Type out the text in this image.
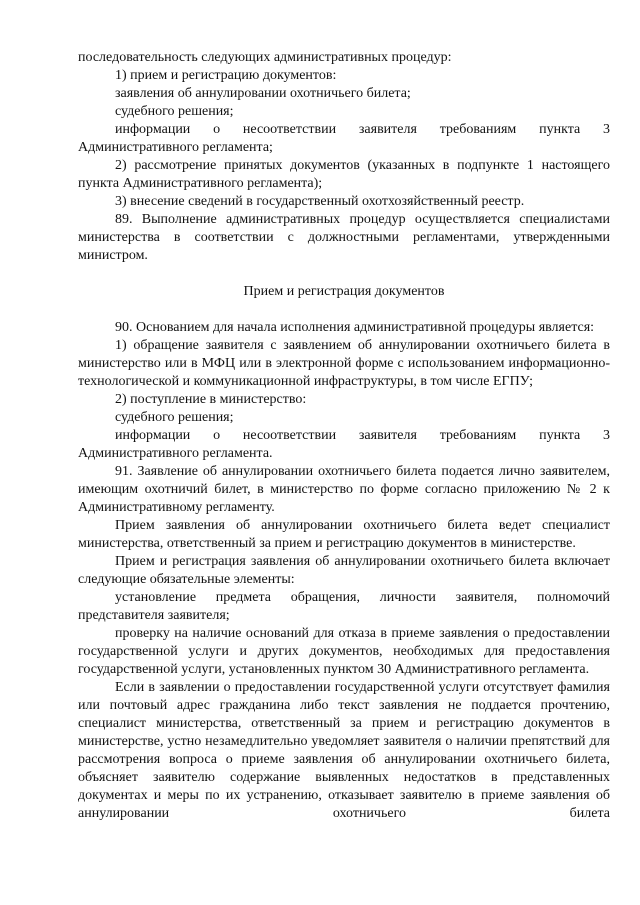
последовательность следующих административных процедур:

1) прием и регистрацию документов:

заявления об аннулировании охотничьего билета;

судебного решения;

информации о несоответствии заявителя требованиям пункта 3 Административного регламента;

2) рассмотрение принятых документов (указанных в подпункте 1 настоящего пункта Административного регламента);

3) внесение сведений в государственный охотхозяйственный реестр.

89. Выполнение административных процедур осуществляется специалистами министерства в соответствии с должностными регламентами, утвержденными министром.

Прием и регистрация документов

90. Основанием для начала исполнения административной процедуры является:

1) обращение заявителя с заявлением об аннулировании охотничьего билета в министерство или в МФЦ или в электронной форме с использованием информационно-технологической и коммуникационной инфраструктуры, в том числе ЕГПУ;

2) поступление в министерство:

судебного решения;

информации о несоответствии заявителя требованиям пункта 3 Административного регламента.

91. Заявление об аннулировании охотничьего билета подается лично заявителем, имеющим охотничий билет, в министерство по форме согласно приложению № 2 к Административному регламенту.

Прием заявления об аннулировании охотничьего билета ведет специалист министерства, ответственный за прием и регистрацию документов в министерстве.

Прием и регистрация заявления об аннулировании охотничьего билета включает следующие обязательные элементы:

установление предмета обращения, личности заявителя, полномочий представителя заявителя;

проверку на наличие оснований для отказа в приеме заявления о предоставлении государственной услуги и других документов, необходимых для предоставления государственной услуги, установленных пунктом 30 Административного регламента.

Если в заявлении о предоставлении государственной услуги отсутствует фамилия или почтовый адрес гражданина либо текст заявления не поддается прочтению, специалист министерства, ответственный за прием и регистрацию документов в министерстве, устно незамедлительно уведомляет заявителя о наличии препятствий для рассмотрения вопроса о приеме заявления об аннулировании охотничьего билета, объясняет заявителю содержание выявленных недостатков в представленных документах и меры по их устранению, отказывает заявителю в приеме заявления об аннулировании охотничьего билета
